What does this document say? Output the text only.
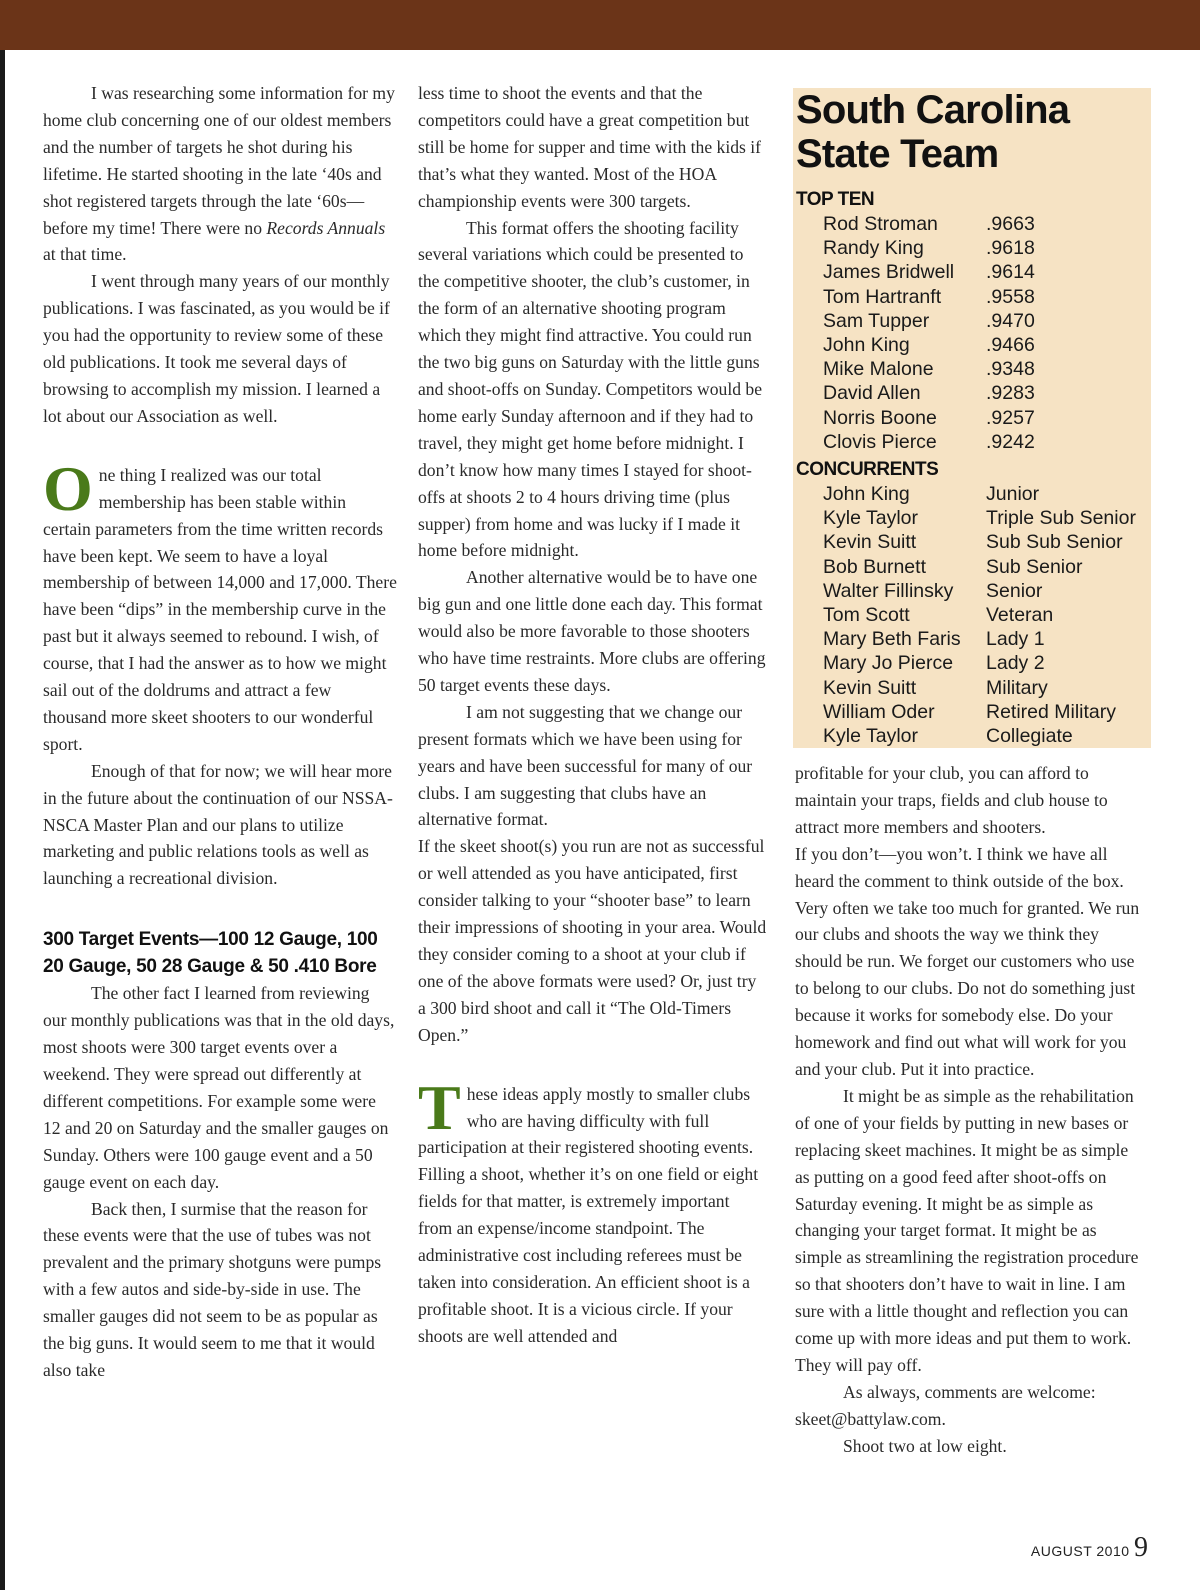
I was researching some information for my home club concerning one of our oldest members and the number of targets he shot during his lifetime. He started shooting in the late ‘40s and shot registered targets through the late ‘60s—before my time! There were no Records Annuals at that time.

I went through many years of our monthly publications. I was fascinated, as you would be if you had the opportunity to review some of these old publications. It took me several days of browsing to accomplish my mission. I learned a lot about our Association as well.

One thing I realized was our total membership has been stable within certain parameters from the time written records have been kept. We seem to have a loyal membership of between 14,000 and 17,000. There have been “dips” in the membership curve in the past but it always seemed to rebound. I wish, of course, that I had the answer as to how we might sail out of the doldrums and attract a few thousand more skeet shooters to our wonderful sport.

Enough of that for now; we will hear more in the future about the continuation of our NSSA-NSCA Master Plan and our plans to utilize marketing and public relations tools as well as launching a recreational division.

300 Target Events—100 12 Gauge, 100 20 Gauge, 50 28 Gauge & 50 .410 Bore

The other fact I learned from reviewing our monthly publications was that in the old days, most shoots were 300 target events over a weekend. They were spread out differently at different competitions. For example some were 12 and 20 on Saturday and the smaller gauges on Sunday. Others were 100 gauge event and a 50 gauge event on each day.

Back then, I surmise that the reason for these events were that the use of tubes was not prevalent and the primary shotguns were pumps with a few autos and side-by-side in use. The smaller gauges did not seem to be as popular as the big guns. It would seem to me that it would also take

less time to shoot the events and that the competitors could have a great competition but still be home for supper and time with the kids if that’s what they wanted. Most of the HOA championship events were 300 targets.

This format offers the shooting facility several variations which could be presented to the competitive shooter, the club’s customer, in the form of an alternative shooting program which they might find attractive. You could run the two big guns on Saturday with the little guns and shoot-offs on Sunday. Competitors would be home early Sunday afternoon and if they had to travel, they might get home before midnight. I don’t know how many times I stayed for shoot-offs at shoots 2 to 4 hours driving time (plus supper) from home and was lucky if I made it home before midnight.

Another alternative would be to have one big gun and one little done each day. This format would also be more favorable to those shooters who have time restraints. More clubs are offering 50 target events these days.

I am not suggesting that we change our present formats which we have been using for years and have been successful for many of our clubs. I am suggesting that clubs have an alternative format.

If the skeet shoot(s) you run are not as successful or well attended as you have anticipated, first consider talking to your “shooter base” to learn their impressions of shooting in your area. Would they consider coming to a shoot at your club if one of the above formats were used? Or, just try a 300 bird shoot and call it “The Old-Timers Open.”

These ideas apply mostly to smaller clubs who are having difficulty with full participation at their registered shooting events. Filling a shoot, whether it’s on one field or eight fields for that matter, is extremely important from an expense/income standpoint. The administrative cost including referees must be taken into consideration. An efficient shoot is a profitable shoot. It is a vicious circle. If your shoots are well attended and

South Carolina
State Team
TOP TEN
Rod Stroman	.9663
Randy King	.9618
James Bridwell	.9614
Tom Hartranft	.9558
Sam Tupper	.9470
John King	.9466
Mike Malone	.9348
David Allen	.9283
Norris Boone	.9257
Clovis Pierce	.9242
CONCURRENTS
John King	Junior
Kyle Taylor	Triple Sub Senior
Kevin Suitt	Sub Sub Senior
Bob Burnett	Sub Senior
Walter Fillinsky	Senior
Tom Scott	Veteran
Mary Beth Faris	Lady 1
Mary Jo Pierce	Lady 2
Kevin Suitt	Military
William Oder	Retired Military
Kyle Taylor	Collegiate

profitable for your club, you can afford to maintain your traps, fields and club house to attract more members and shooters.

If you don’t—you won’t. I think we have all heard the comment to think outside of the box. Very often we take too much for granted. We run our clubs and shoots the way we think they should be run. We forget our customers who use to belong to our clubs. Do not do something just because it works for somebody else. Do your homework and find out what will work for you and your club. Put it into practice.

It might be as simple as the rehabilitation of one of your fields by putting in new bases or replacing skeet machines. It might be as simple as putting on a good feed after shoot-offs on Saturday evening. It might be as simple as changing your target format. It might be as simple as streamlining the registration procedure so that shooters don’t have to wait in line. I am sure with a little thought and reflection you can come up with more ideas and put them to work. They will pay off.

As always, comments are welcome: skeet@battylaw.com.

Shoot two at low eight.

AUGUST 2010 9
